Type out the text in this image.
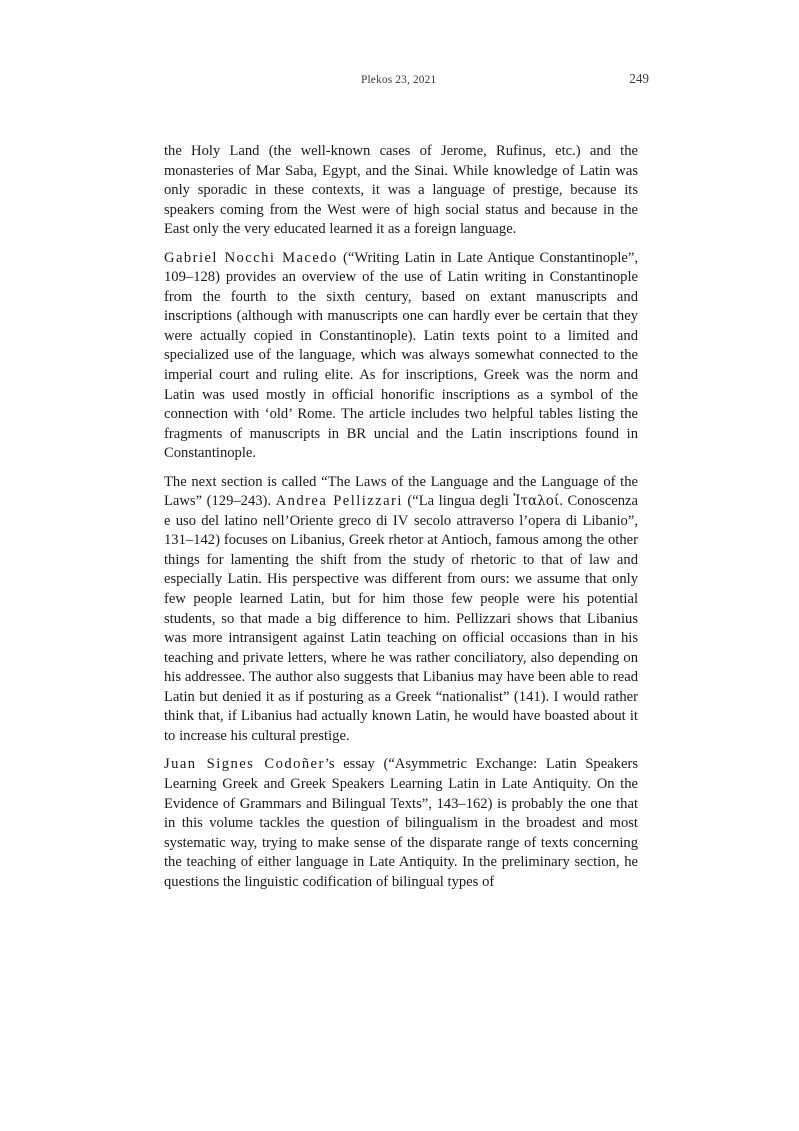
Plekos 23, 2021	249

the Holy Land (the well-known cases of Jerome, Rufinus, etc.) and the monasteries of Mar Saba, Egypt, and the Sinai. While knowledge of Latin was only sporadic in these contexts, it was a language of prestige, because its speakers coming from the West were of high social status and because in the East only the very educated learned it as a foreign language.

Gabriel Nocchi Macedo (“Writing Latin in Late Antique Constantinople”, 109–128) provides an overview of the use of Latin writing in Constantinople from the fourth to the sixth century, based on extant manuscripts and inscriptions (although with manuscripts one can hardly ever be certain that they were actually copied in Constantinople). Latin texts point to a limited and specialized use of the language, which was always somewhat connected to the imperial court and ruling elite. As for inscriptions, Greek was the norm and Latin was used mostly in official honorific inscriptions as a symbol of the connection with ‘old’ Rome. The article includes two helpful tables listing the fragments of manuscripts in BR uncial and the Latin inscriptions found in Constantinople.

The next section is called “The Laws of the Language and the Language of the Laws” (129–243). Andrea Pellizzari (“La lingua degli Ἰταλοί. Conoscenza e uso del latino nell’Oriente greco di IV secolo attraverso l’opera di Libanio”, 131–142) focuses on Libanius, Greek rhetor at Antioch, famous among the other things for lamenting the shift from the study of rhetoric to that of law and especially Latin. His perspective was different from ours: we assume that only few people learned Latin, but for him those few people were his potential students, so that made a big difference to him. Pellizzari shows that Libanius was more intransigent against Latin teaching on official occasions than in his teaching and private letters, where he was rather conciliatory, also depending on his addressee. The author also suggests that Libanius may have been able to read Latin but denied it as if posturing as a Greek “nationalist” (141). I would rather think that, if Libanius had actually known Latin, he would have boasted about it to increase his cultural prestige.

Juan Signes Codoñer’s essay (“Asymmetric Exchange: Latin Speakers Learning Greek and Greek Speakers Learning Latin in Late Antiquity. On the Evidence of Grammars and Bilingual Texts”, 143–162) is probably the one that in this volume tackles the question of bilingualism in the broadest and most systematic way, trying to make sense of the disparate range of texts concerning the teaching of either language in Late Antiquity. In the preliminary section, he questions the linguistic codification of bilingual types of
